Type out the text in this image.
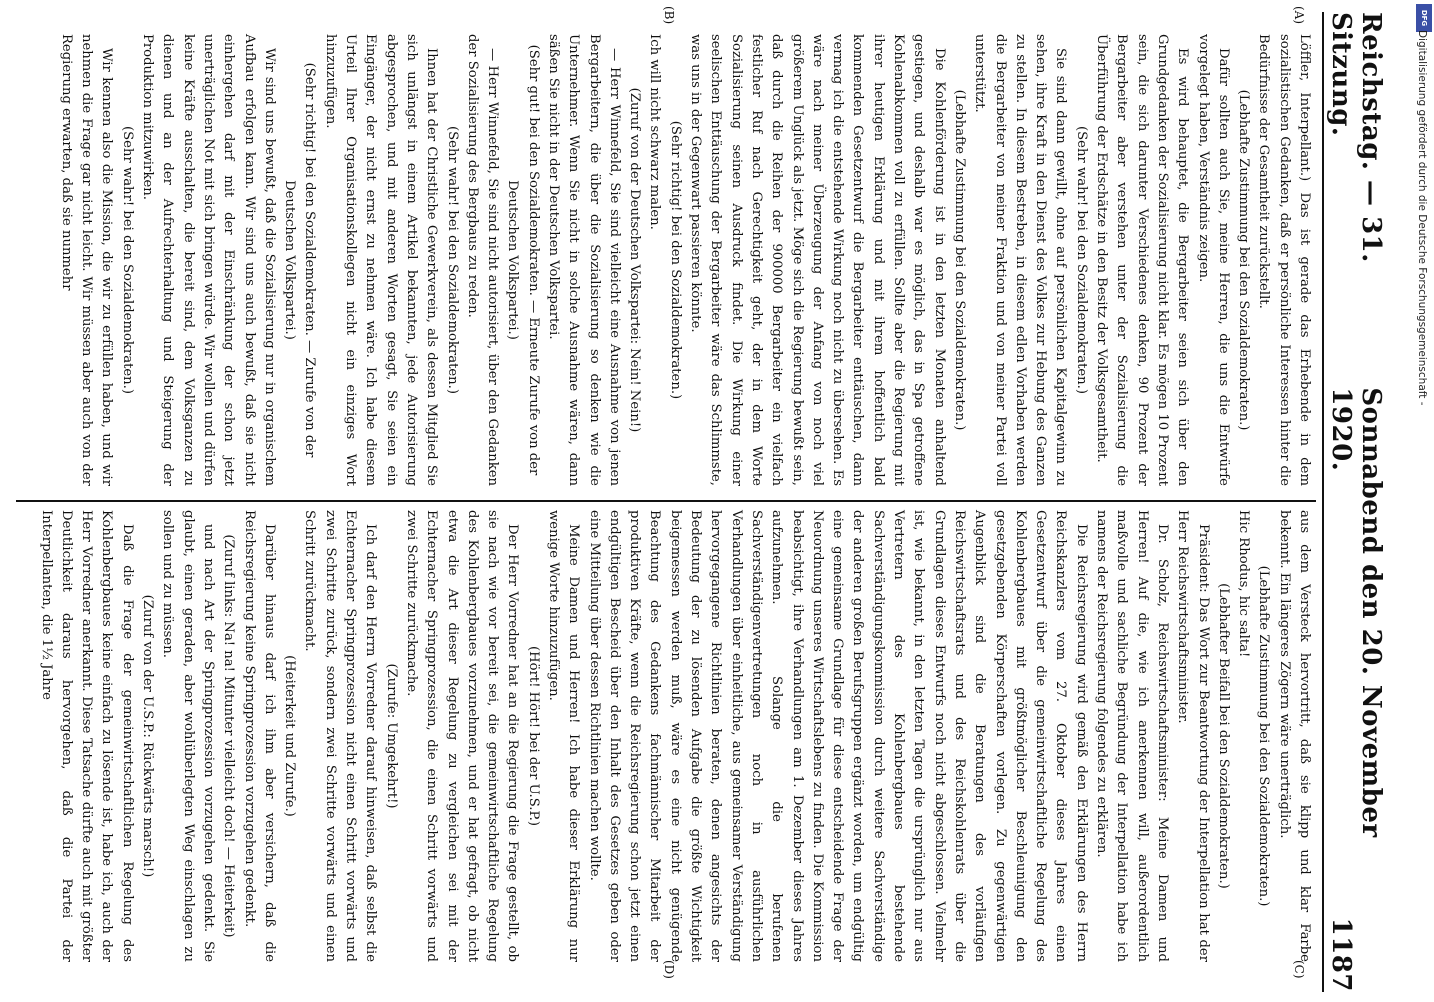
Reichstag. — 31. Sitzung.
Sonnabend den 20. November 1920.
1187
(A)
(B)
(C)
(D)

Löffler, Interpellant.) Das ist gerade das Erhebende in dem sozialistischen Gedanken, daß er persönliche Interessen hinter die Bedürfnisse der Gesamtheit zurückstellt.

(Lebhafte Zustimmung bei den Sozialdemokraten.)

Dafür sollten auch Sie, meine Herren, die uns die Entwürfe vorgelegt haben, Verständnis zeigen.

Es wird behauptet, die Bergarbeiter seien sich über den Grundgedanken der Sozialisierung nicht klar. Es mögen 10 Prozent sein, die sich darunter Verschiedenes denken, 90 Prozent der Bergarbeiter aber verstehen unter der Sozialisierung die Überführung der Erdschätze in den Besitz der Volksgesamtheit.

(Sehr wahr! bei den Sozialdemokraten.)

Sie sind dann gewillt, ohne auf persönlichen Kapitalgewinn zu sehen, ihre Kraft in den Dienst des Volkes zur Hebung des Ganzen zu stellen. In diesem Bestreben, in diesem edlen Vorhaben werden die Bergarbeiter von meiner Fraktion und von meiner Partei voll unterstützt.

(Lebhafte Zustimmung bei den Sozialdemokraten.)

Die Kohlenförderung ist in den letzten Monaten anhaltend gestiegen, und deshalb war es möglich, das in Spa getroffene Kohlenabkommen voll zu erfüllen. Sollte aber die Regierung mit ihrer heutigen Erklärung und mit ihrem hoffentlich bald kommenden Gesetzentwurf die Bergarbeiter enttäuschen, dann vermag ich die entstehende Wirkung noch nicht zu übersehen. Es wäre nach meiner Überzeugung der Anfang von noch viel größerem Unglück als jetzt. Möge sich die Regierung bewußt sein, daß durch die Reihen der 900000 Bergarbeiter ein vielfach festlicher Ruf nach Gerechtigkeit geht, der in dem Worte Sozialisierung seinen Ausdruck findet. Die Wirkung einer seelischen Enttäuschung der Bergarbeiter wäre das Schlimmste, was uns in der Gegenwart passieren könnte.

(Sehr richtig! bei den Sozialdemokraten.)

Ich will nicht schwarz malen.

(Zuruf von der Deutschen Volkspartei: Nein! Nein!)

— Herr Winnefeld, Sie sind vielleicht eine Ausnahme von jenen Bergarbeitern, die über die Sozialisierung so denken wie die Unternehmer. Wenn Sie nicht in solche Ausnahme wären, dann säßen Sie nicht in der Deutschen Volkspartei.

(Sehr gut! bei den Sozialdemokraten. — Erneute Zurufe von der Deutschen Volkspartei.)

— Herr Winnefeld, Sie sind nicht autorisiert, über den Gedanken der Sozialisierung des Bergbaus zu reden.

(Sehr wahr! bei den Sozialdemokraten.)

Ihnen hat der Christliche Gewerkverein, als dessen Mitglied Sie sich unlängst in einem Artikel bekannten, jede Autorisierung abgesprochen, und mit anderen Worten gesagt, Sie seien ein Eingänger, der nicht ernst zu nehmen wäre. Ich habe diesem Urteil Ihrer Organisationskollegen nicht ein einziges Wort hinzuzufügen.

(Sehr richtig! bei den Sozialdemokraten. — Zurufe von der Deutschen Volkspartei.)

Wir sind uns bewußt, daß die Sozialisierung nur in organischem Aufbau erfolgen kann. Wir sind uns auch bewußt, daß sie nicht einhergehen darf mit der Einschränkung der schon jetzt unerträglichen Not mit sich bringen würde. Wir wollen und dürfen keine Kräfte ausschalten, die bereit sind, dem Volksganzen zu dienen und an der Aufrechterhaltung und Steigerung der Produktion mitzuwirken.

(Sehr wahr! bei den Sozialdemokraten.)

Wir kennen also die Mission, die wir zu erfüllen haben, und wir nehmen die Frage gar nicht leicht. Wir müssen aber auch von der Regierung erwarten, daß sie nunmehr

aus dem Versteck hervortritt, daß sie klipp und klar Farbe bekennt. Ein längeres Zögern wäre unerträglich.

(Lebhafte Zustimmung bei den Sozialdemokraten.)

Hic Rhodus, hic salta!

(Lebhafter Beifall bei den Sozialdemokraten.)

Präsident: Das Wort zur Beantwortung der Interpellation hat der Herr Reichswirtschaftsminister.

Dr. Scholz, Reichswirtschaftsminister: Meine Damen und Herren! Auf die, wie ich anerkennen will, außerordentlich maßvolle und sachliche Begründung der Interpellation habe ich namens der Reichsregierung folgendes zu erklären.

Die Reichsregierung wird gemäß den Erklärungen des Herrn Reichskanzlers vom 27. Oktober dieses Jahres einen Gesetzentwurf über die gemeinwirtschaftliche Regelung des Kohlenbergbaues mit größtmöglicher Beschleunigung den gesetzgebenden Körperschaften vorlegen. Zu gegenwärtigen Augenblick sind die Beratungen des vorläufigen Reichswirtschaftsrats und des Reichskohlenrats über die Grundlagen dieses Entwurfs noch nicht abgeschlossen. Vielmehr ist, wie bekannt, in den letzten Tagen die ursprünglich nur aus Vertretern des Kohlenbergbaues bestehende Sachverständigungskommission durch weitere Sachverständige der anderen großen Berufsgruppen ergänzt worden, um endgültig eine gemeinsame Grundlage für diese entscheidende Frage der Neuordnung unseres Wirtschaftslebens zu finden. Die Kommission beabsichtigt, ihre Verhandlungen am 1. Dezember dieses Jahres aufzunehmen. Solange die berufenen Sachverständigenvertretungen noch in ausführlichen Verhandlungen über einheitliche, aus gemeinsamer Verständigung hervorgegangene Richtlinien beraten, denen angesichts der Bedeutung der zu lösenden Aufgabe die größte Wichtigkeit beigemessen werden muß, wäre es eine nicht genügende Beachtung des Gedankens fachmännischer Mitarbeit der produktiven Kräfte, wenn die Reichsregierung schon jetzt einen endgültigen Bescheid über den Inhalt des Gesetzes geben oder eine Mitteilung über dessen Richtlinien machen wollte.

Meine Damen und Herren! Ich habe dieser Erklärung nur wenige Worte hinzuzufügen.

(Hört! Hört! bei der U.S.P.)

Der Herr Vorredner hat an die Regierung die Frage gestellt, ob sie nach wie vor bereit sei, die gemeinwirtschaftliche Regelung des Kohlenbergbaues vorzunehmen, und er hat gefragt, ob nicht etwa die Art dieser Regelung zu vergleichen sei mit der Echternacher Springprozession, die einen Schritt vorwärts und zwei Schritte zurückmache.

(Zurufe: Umgekehrt!)

Ich darf den Herrn Vorredner darauf hinweisen, daß selbst die Echternacher Springprozession nicht einen Schritt vorwärts und zwei Schritte zurück, sondern zwei Schritte vorwärts und einen Schritt zurückmacht.

(Heiterkeit und Zurufe.)

Darüber hinaus darf ich ihm aber versichern, daß die Reichsregierung keine Springprozession vorzugehen gedenkt.

(Zuruf links: Na! na! Mitunter vielleicht doch! — Heiterkeit)

und nach Art der Springprozession vorzugehen gedenkt. Sie glaubt, einen geraden, aber wohlüberlegten Weg einschlagen zu sollen und zu müssen.

(Zuruf von der U.S.P.: Rückwärts marsch!)

Daß die Frage der gemeinwirtschaftlichen Regelung des Kohlenbergbaues keine einfach zu lösende ist, habe ich, auch der Herr Vorredner anerkannt. Diese Tatsache dürfte auch mit größter Deutlichkeit daraus hervorgehen, daß die Partei der Interpellanten, die 1½ Jahre

DFG
Digitalisierung gefördert durch die Deutsche Forschungsgemeinschaft -
